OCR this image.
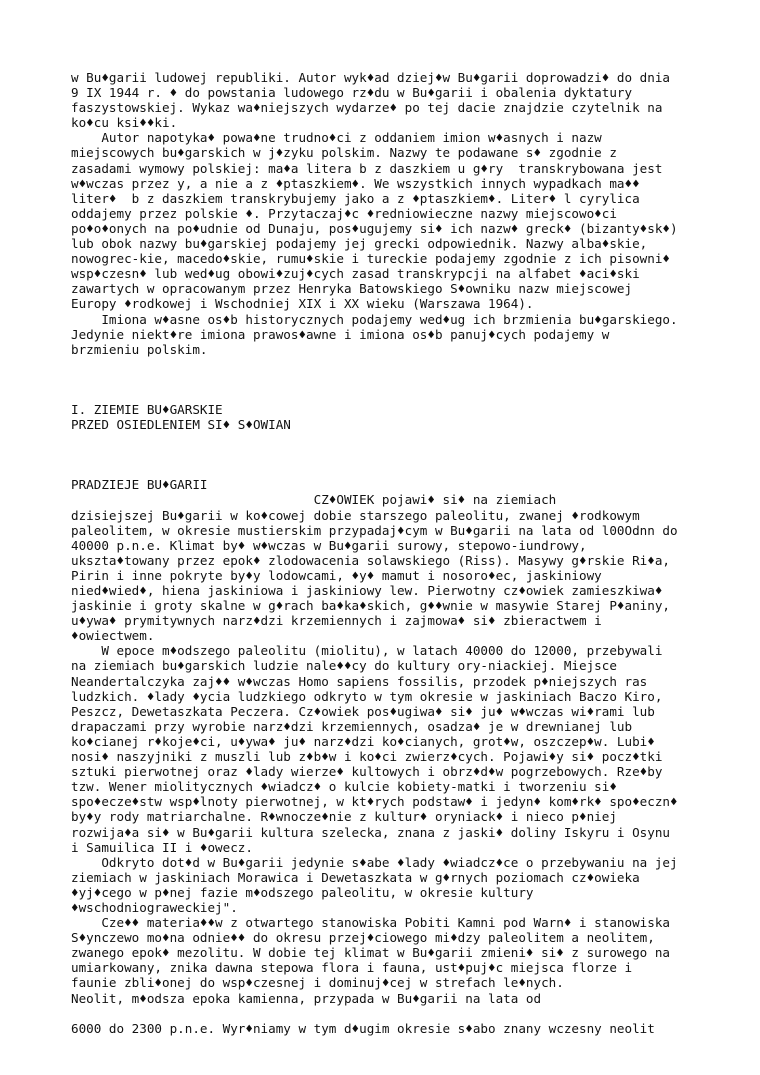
w Bu♦garii ludowej republiki. Autor wyk♦ad dziej♦w Bu♦garii doprowadzi♦ do dnia
9 IX 1944 r. ♦ do powstania ludowego rz♦du w Bu♦garii i obalenia dyktatury
faszystowskiej. Wykaz wa♦niejszych wydarze♦ po tej dacie znajdzie czytelnik na
ko♦cu ksi♦♦ki.
Autor napotyka♦ powa♦ne trudno♦ci z oddaniem imion w♦asnych i nazw
miejscowych bu♦garskich w j♦zyku polskim. Nazwy te podawane s♦ zgodnie z
zasadami wymowy polskiej: ma♦a litera b z daszkiem u g♦ry  transkrybowana jest
w♦wczas przez y, a nie a z ♦ptaszkiem♦. We wszystkich innych wypadkach ma♦♦
liter♦  b z daszkiem transkrybujemy jako a z ♦ptaszkiem♦. Liter♦ l cyrylica
oddajemy przez polskie ♦. Przytaczaj♦c ♦redniowieczne nazwy miejscowo♦ci
po♦o♦onych na po♦udnie od Dunaju, pos♦ugujemy si♦ ich nazw♦ greck♦ (bizanty♦sk♦)
lub obok nazwy bu♦garskiej podajemy jej grecki odpowiednik. Nazwy alba♦skie,
nowogrec-kie, macedo♦skie, rumu♦skie i tureckie podajemy zgodnie z ich pisowni♦
wsp♦czesn♦ lub wed♦ug obowi♦zuj♦cych zasad transkrypcji na alfabet ♦aci♦ski
zawartych w opracowanym przez Henryka Batowskiego S♦owniku nazw miejscowej
Europy ♦rodkowej i Wschodniej XIX i XX wieku (Warszawa 1964).
Imiona w♦asne os♦b historycznych podajemy wed♦ug ich brzmienia bu♦garskiego.
Jedynie niekt♦re imiona prawos♦awne i imiona os♦b panuj♦cych podajemy w
brzmieniu polskim.
I. ZIEMIE BU♦GARSKIE
PRZED OSIEDLENIEM SI♦ S♦OWIAN
PRADZIEJE BU♦GARII
CZ♦OWIEK pojawi♦ si♦ na ziemiach
dzisiejszej Bu♦garii w ko♦cowej dobie starszego paleolitu, zwanej ♦rodkowym
paleolitem, w okresie mustierskim przypadaj♦cym w Bu♦garii na lata od l00Odnn do
40000 p.n.e. Klimat by♦ w♦wczas w Bu♦garii surowy, stepowo-iundrowy,
ukszta♦towany przez epok♦ zlodowacenia solawskiego (Riss). Masywy g♦rskie Ri♦a,
Pirin i inne pokryte by♦y lodowcami, ♦y♦ mamut i nosoro♦ec, jaskiniowy
nied♦wied♦, hiena jaskiniowa i jaskiniowy lew. Pierwotny cz♦owiek zamieszkiwa♦
jaskinie i groty skalne w g♦rach ba♦ka♦skich, g♦♦wnie w masywie Starej P♦aniny,
u♦ywa♦ prymitywnych narz♦dzi krzemiennych i zajmowa♦ si♦ zbieractwem i
♦owiectwem.
W epoce m♦odszego paleolitu (miolitu), w latach 40000 do 12000, przebywali
na ziemiach bu♦garskich ludzie nale♦♦cy do kultury ory-niackiej. Miejsce
Neandertalczyka zaj♦♦ w♦wczas Homo sapiens fossilis, przodek p♦niejszych ras
ludzkich. ♦lady ♦ycia ludzkiego odkryto w tym okresie w jaskiniach Baczo Kiro,
Peszcz, Dewetaszkata Peczera. Cz♦owiek pos♦ugiwa♦ si♦ ju♦ w♦wczas wi♦rami lub
drapaczami przy wyrobie narz♦dzi krzemiennych, osadza♦ je w drewnianej lub
ko♦cianej r♦koje♦ci, u♦ywa♦ ju♦ narz♦dzi ko♦cianych, grot♦w, oszczep♦w. Lubi♦
nosi♦ naszyjniki z muszli lub z♦b♦w i ko♦ci zwierz♦cych. Pojawi♦y si♦ pocz♦tki
sztuki pierwotnej oraz ♦lady wierze♦ kultowych i obrz♦d♦w pogrzebowych. Rze♦by
tzw. Wener miolitycznych ♦wiadcz♦ o kulcie kobiety-matki i tworzeniu si♦
spo♦ecze♦stw wsp♦lnoty pierwotnej, w kt♦rych podstaw♦ i jedyn♦ kom♦rk♦ spo♦eczn♦
by♦y rody matriarchalne. R♦wnocze♦nie z kultur♦ oryniack♦ i nieco p♦niej
rozwija♦a si♦ w Bu♦garii kultura szelecka, znana z jaski♦ doliny Iskyru i Osynu
i Samuilica II i ♦owecz.
Odkryto dot♦d w Bu♦garii jedynie s♦abe ♦lady ♦wiadcz♦ce o przebywaniu na jej
ziemiach w jaskiniach Morawica i Dewetaszkata w g♦rnych poziomach cz♦owieka
♦yj♦cego w p♦nej fazie m♦odszego paleolitu, w okresie kultury
♦wschodniograweckiej".
Cze♦♦ materia♦♦w z otwartego stanowiska Pobiti Kamni pod Warn♦ i stanowiska
S♦ynczewo mo♦na odnie♦♦ do okresu przej♦ciowego mi♦dzy paleolitem a neolitem,
zwanego epok♦ mezolitu. W dobie tej klimat w Bu♦garii zmieni♦ si♦ z surowego na
umiarkowany, znika dawna stepowa flora i fauna, ust♦puj♦c miejsca florze i
faunie zbli♦onej do wsp♦czesnej i dominuj♦cej w strefach le♦nych.
Neolit, m♦odsza epoka kamienna, przypada w Bu♦garii na lata od
6000 do 2300 p.n.e. Wyr♦niamy w tym d♦ugim okresie s♦abo znany wczesny neolit
